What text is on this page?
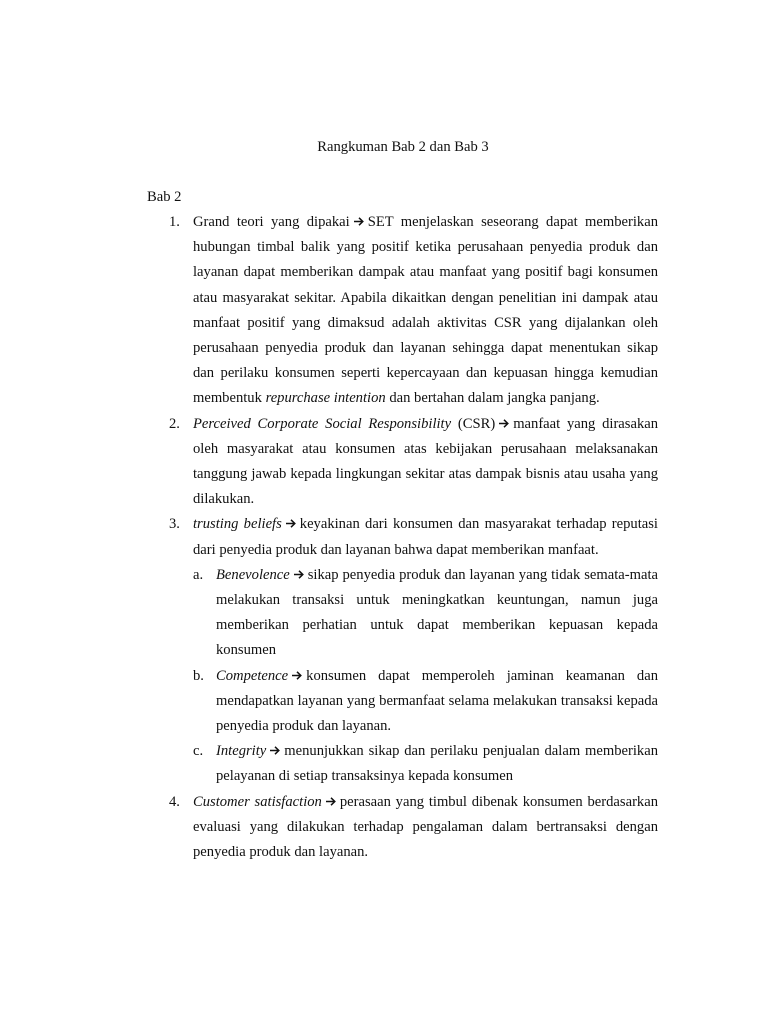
Rangkuman Bab 2 dan Bab 3
Bab 2
1. Grand teori yang dipakai SET menjelaskan seseorang dapat memberikan hubungan timbal balik yang positif ketika perusahaan penyedia produk dan layanan dapat memberikan dampak atau manfaat yang positif bagi konsumen atau masyarakat sekitar. Apabila dikaitkan dengan penelitian ini dampak atau manfaat positif yang dimaksud adalah aktivitas CSR yang dijalankan oleh perusahaan penyedia produk dan layanan sehingga dapat menentukan sikap dan perilaku konsumen seperti kepercayaan dan kepuasan hingga kemudian membentuk repurchase intention dan bertahan dalam jangka panjang.
2. Perceived Corporate Social Responsibility (CSR) manfaat yang dirasakan oleh masyarakat atau konsumen atas kebijakan perusahaan melaksanakan tanggung jawab kepada lingkungan sekitar atas dampak bisnis atau usaha yang dilakukan.
3. trusting beliefs keyakinan dari konsumen dan masyarakat terhadap reputasi dari penyedia produk dan layanan bahwa dapat memberikan manfaat.
a. Benevolence sikap penyedia produk dan layanan yang tidak semata-mata melakukan transaksi untuk meningkatkan keuntungan, namun juga memberikan perhatian untuk dapat memberikan kepuasan kepada konsumen
b. Competence konsumen dapat memperoleh jaminan keamanan dan mendapatkan layanan yang bermanfaat selama melakukan transaksi kepada penyedia produk dan layanan.
c. Integrity menunjukkan sikap dan perilaku penjualan dalam memberikan pelayanan di setiap transaksinya kepada konsumen
4. Customer satisfaction perasaan yang timbul dibenak konsumen berdasarkan evaluasi yang dilakukan terhadap pengalaman dalam bertransaksi dengan penyedia produk dan layanan.
